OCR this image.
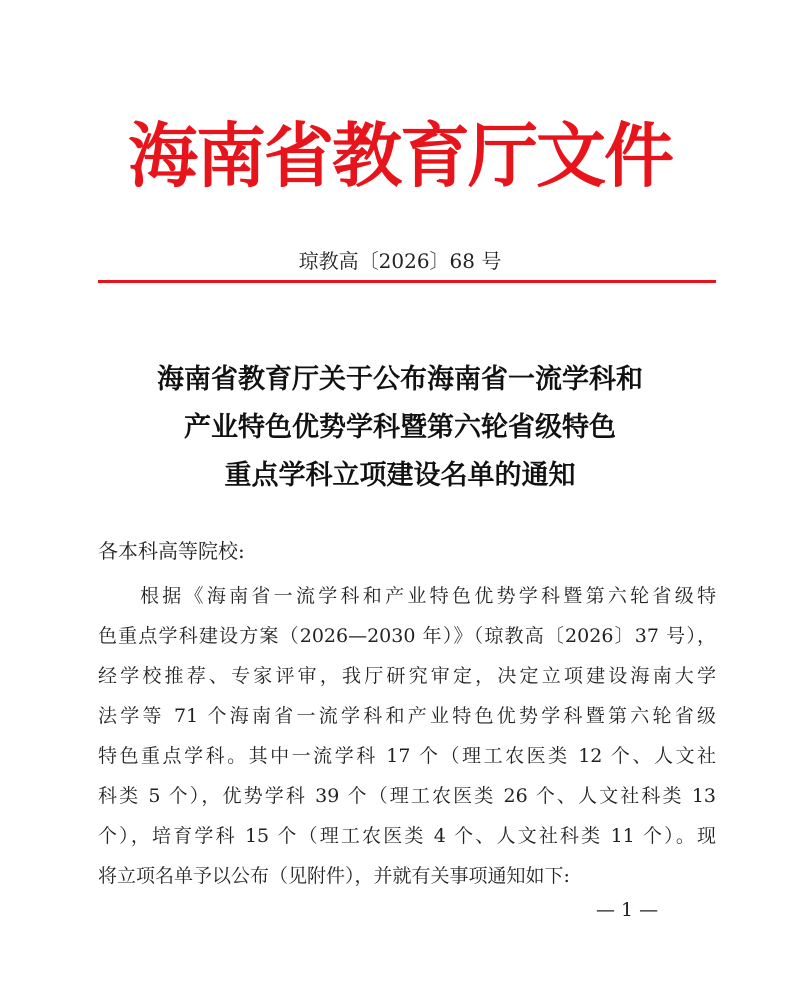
海南省教育厅文件
琼教高〔2026〕68 号
海南省教育厅关于公布海南省一流学科和
产业特色优势学科暨第六轮省级特色
重点学科立项建设名单的通知
各本科高等院校:
根据《海南省一流学科和产业特色优势学科暨第六轮省级特
色重点学科建设方案（2026—2030 年）》（琼教高〔2026〕37 号），
经学校推荐、专家评审，我厅研究审定，决定立项建设海南大学
法学等 71 个海南省一流学科和产业特色优势学科暨第六轮省级
特色重点学科。其中一流学科 17 个（理工农医类 12 个、人文社
科类 5 个），优势学科 39 个（理工农医类 26 个、人文社科类 13
个），培育学科 15 个（理工农医类 4 个、人文社科类 11 个）。现
将立项名单予以公布（见附件），并就有关事项通知如下:
— 1 —
